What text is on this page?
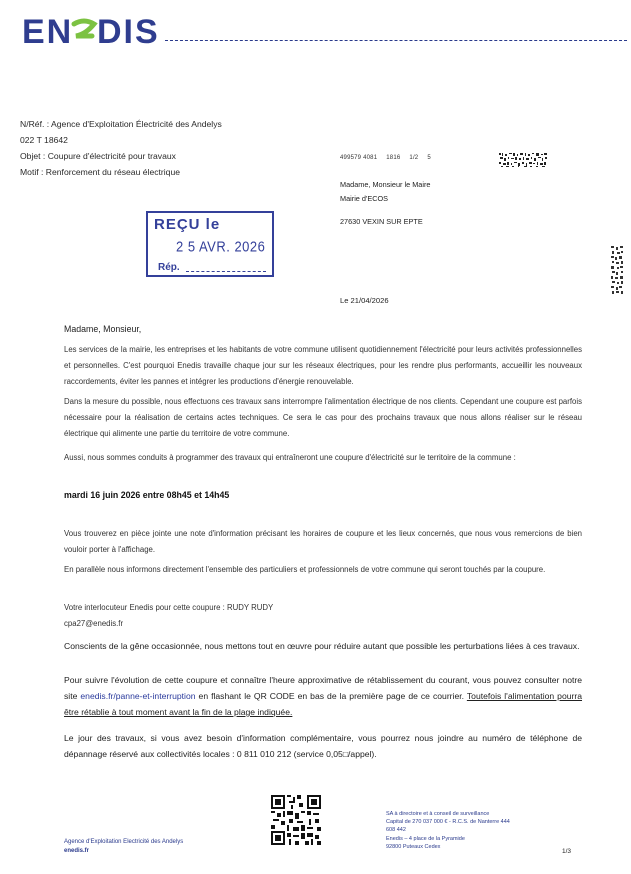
EN DIS
N/Réf. : Agence d'Exploitation Électricité des Andelys
022 T 18642
Objet : Coupure d'électricité pour travaux
Motif : Renforcement du réseau électrique
499579 4081 1816 1/2 5
Madame, Monsieur le Maire
Mairie d'ECOS
27630 VEXIN SUR EPTE
REÇU le
2 5 AVR. 2026
Rép.
Le 21/04/2026
Madame, Monsieur,
Les services de la mairie, les entreprises et les habitants de votre commune utilisent quotidiennement l'électricité pour leurs activités professionnelles et personnelles. C'est pourquoi Enedis travaille chaque jour sur les réseaux électriques, pour les rendre plus performants, accueillir les nouveaux raccordements, éviter les pannes et intégrer les productions d'énergie renouvelable.
Dans la mesure du possible, nous effectuons ces travaux sans interrompre l'alimentation électrique de nos clients. Cependant une coupure est parfois nécessaire pour la réalisation de certains actes techniques. Ce sera le cas pour des prochains travaux que nous allons réaliser sur le réseau électrique qui alimente une partie du territoire de votre commune.
Aussi, nous sommes conduits à programmer des travaux qui entraîneront une coupure d'électricité sur le territoire de la commune :
mardi 16 juin 2026 entre 08h45 et 14h45
Vous trouverez en pièce jointe une note d'information précisant les horaires de coupure et les lieux concernés, que nous vous remercions de bien vouloir porter à l'affichage.
En parallèle nous informons directement l'ensemble des particuliers et professionnels de votre commune qui seront touchés par la coupure.
Votre interlocuteur Enedis pour cette coupure : RUDY RUDY
cpa27@enedis.fr
Conscients de la gêne occasionnée, nous mettons tout en œuvre pour réduire autant que possible les perturbations liées à ces travaux.
Pour suivre l'évolution de cette coupure et connaître l'heure approximative de rétablissement du courant, vous pouvez consulter notre site enedis.fr/panne-et-interruption en flashant le QR CODE en bas de la première page de ce courrier. Toutefois l'alimentation pourra être rétablie à tout moment avant la fin de la plage indiquée.
Le jour des travaux, si vous avez besoin d'information complémentaire, vous pourrez nous joindre au numéro de téléphone de dépannage réservé aux collectivités locales : 0 811 010 212 (service 0,05□/appel).
Agence d'Exploitation Electricité des Andelys
enedis.fr
SA à directoire et à conseil de surveillance
Capital de 270 037 000 € - R.C.S. de Nanterre 444
608 442
Enedis – 4 place de la Pyramide
92800 Puteaux Cedex
1/3
